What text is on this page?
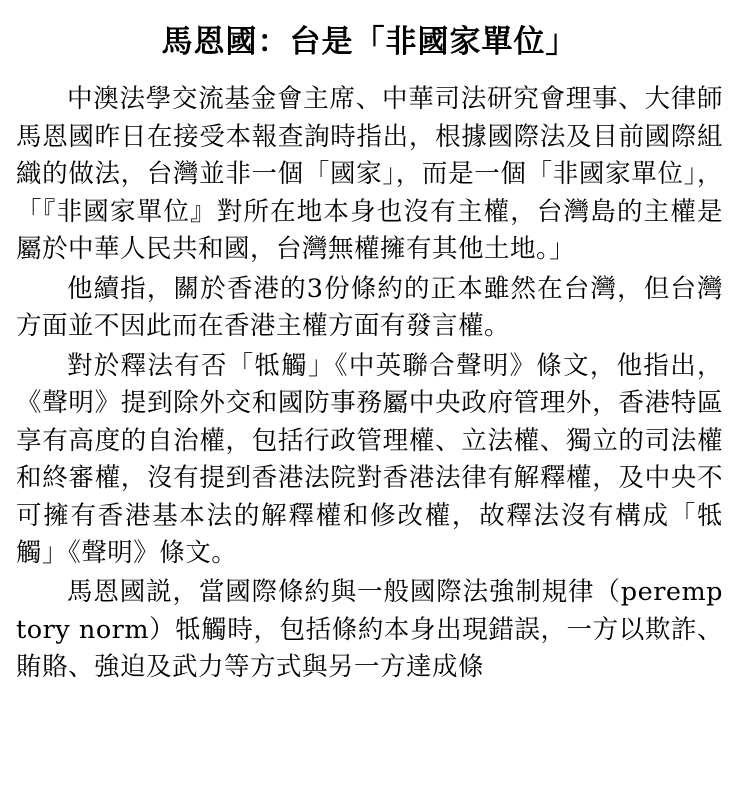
馬恩國：台是「非國家單位」

中澳法學交流基金會主席、中華司法研究會理事、大律師馬恩國昨日在接受本報查詢時指出，根據國際法及目前國際組織的做法，台灣並非一個「國家」，而是一個「非國家單位」，「『非國家單位』對所在地本身也沒有主權，台灣島的主權是屬於中華人民共和國，台灣無權擁有其他土地。」

他續指，關於香港的3份條約的正本雖然在台灣，但台灣方面並不因此而在香港主權方面有發言權。

對於釋法有否「牴觸」《中英聯合聲明》條文，他指出，《聲明》提到除外交和國防事務屬中央政府管理外，香港特區享有高度的自治權，包括行政管理權、立法權、獨立的司法權和終審權，沒有提到香港法院對香港法律有解釋權，及中央不可擁有香港基本法的解釋權和修改權，故釋法沒有構成「牴觸」《聲明》條文。

馬恩國説，當國際條約與一般國際法強制規律（peremptory norm）牴觸時，包括條約本身出現錯誤，一方以欺詐、賄賂、強迫及武力等方式與另一方達成條
